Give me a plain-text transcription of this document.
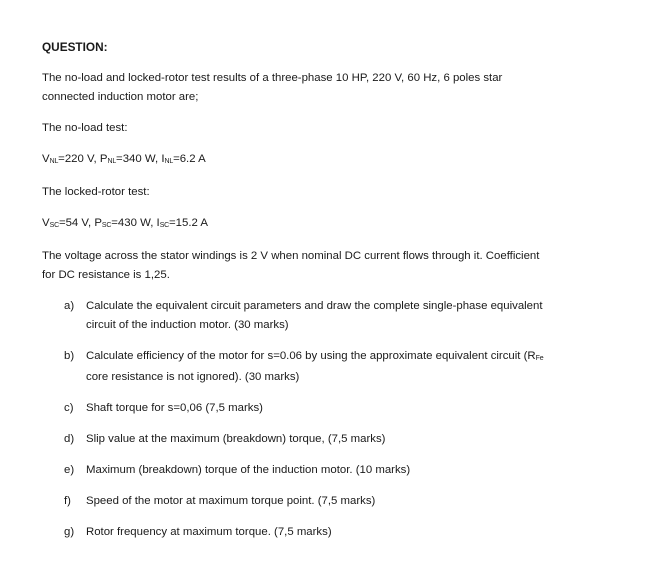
QUESTION:
The no-load and locked-rotor test results of a three-phase 10 HP, 220 V, 60 Hz, 6 poles star
connected induction motor are;
The no-load test:
VNL=220 V, PNL=340 W, INL=6.2 A
The locked-rotor test:
VSC=54 V, PSC=430 W, ISC=15.2 A
The voltage across the stator windings is 2 V when nominal DC current flows through it. Coefficient
for DC resistance is 1,25.
a) Calculate the equivalent circuit parameters and draw the complete single-phase equivalent
circuit of the induction motor. (30 marks)
b) Calculate efficiency of the motor for s=0.06 by using the approximate equivalent circuit (RFe
core resistance is not ignored). (30 marks)
c) Shaft torque for s=0,06 (7,5 marks)
d) Slip value at the maximum (breakdown) torque, (7,5 marks)
e) Maximum (breakdown) torque of the induction motor. (10 marks)
f) Speed of the motor at maximum torque point. (7,5 marks)
g) Rotor frequency at maximum torque. (7,5 marks)
